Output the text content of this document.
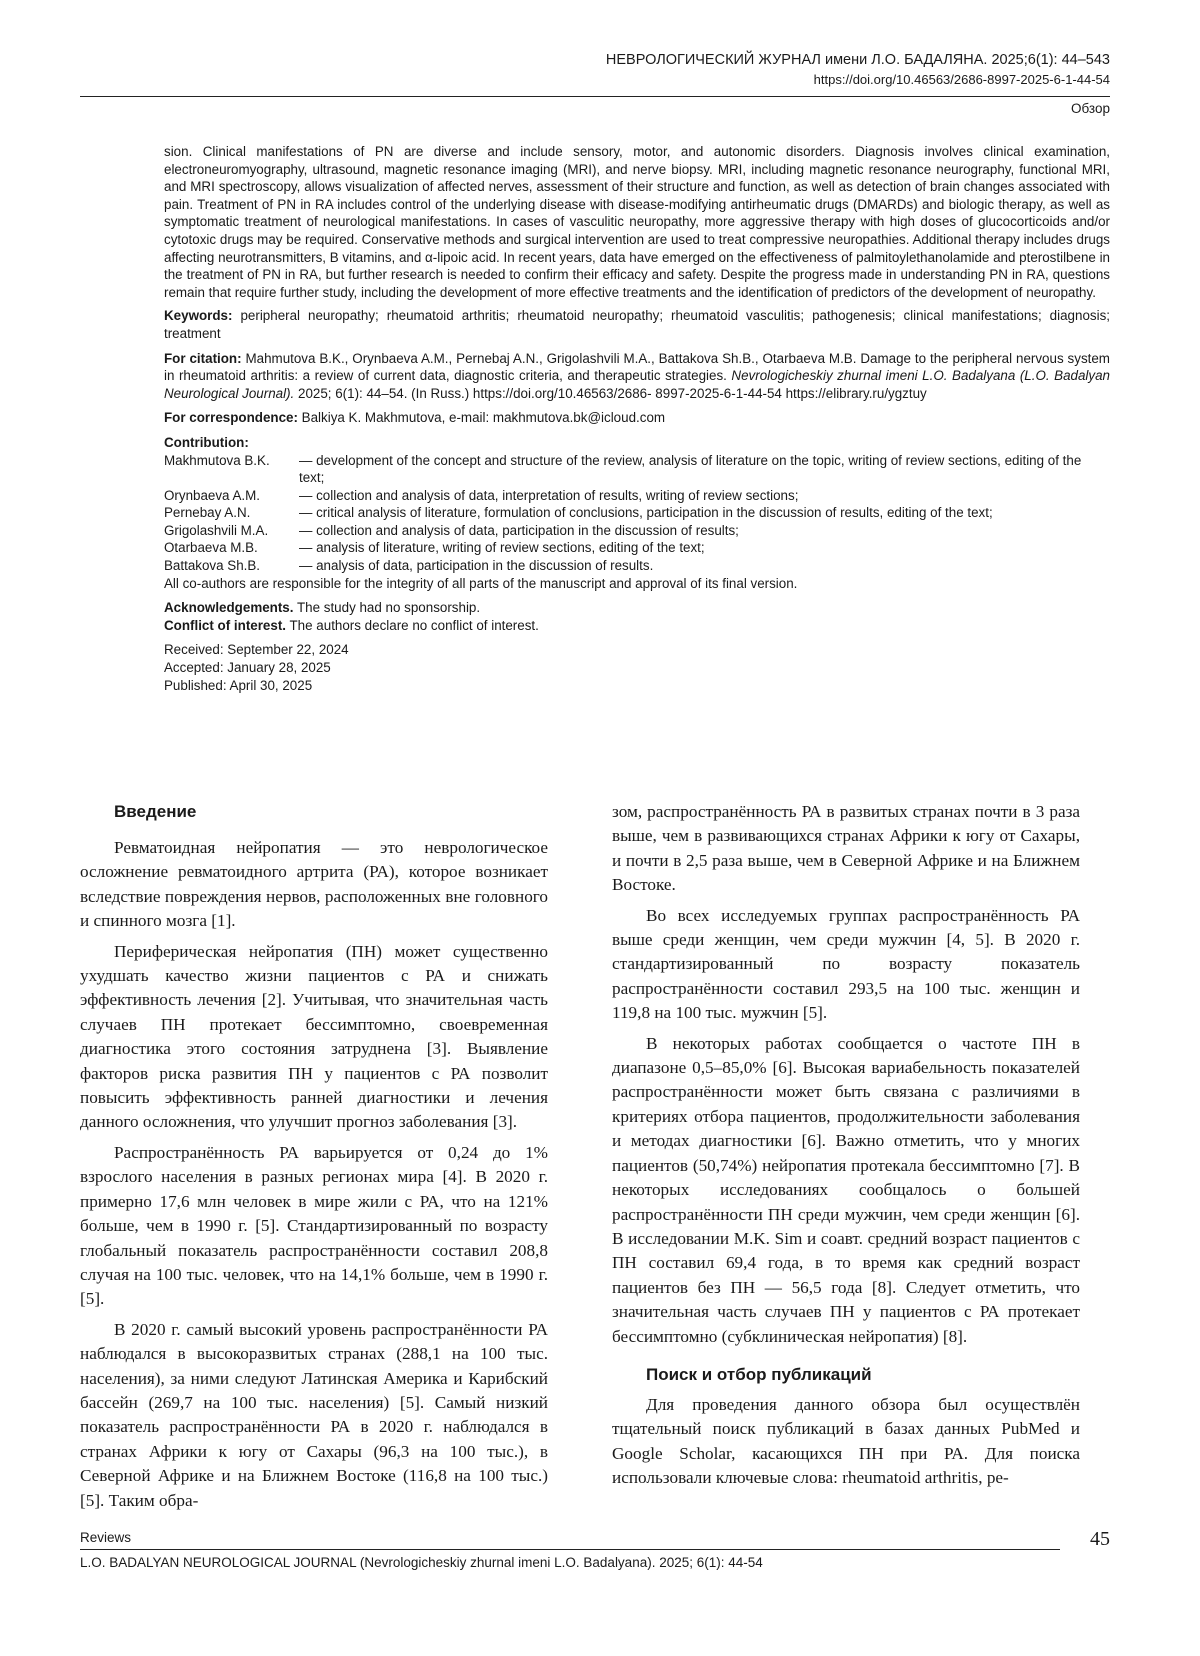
НЕВРОЛОГИЧЕСКИЙ ЖУРНАЛ имени Л.О. БАДАЛЯНА. 2025;6(1): 44–543
https://doi.org/10.46563/2686-8997-2025-6-1-44-54
Обзор

sion. Clinical manifestations of PN are diverse and include sensory, motor, and autonomic disorders. Diagnosis involves clinical examination, electroneuromyography, ultrasound, magnetic resonance imaging (MRI), and nerve biopsy. MRI, including magnetic resonance neurography, functional MRI, and MRI spectroscopy, allows visualization of affected nerves, assessment of their structure and function, as well as detection of brain changes associated with pain. Treatment of PN in RA includes control of the underlying disease with disease-modifying antirheumatic drugs (DMARDs) and biologic therapy, as well as symptomatic treatment of neurological manifestations. In cases of vasculitic neuropathy, more aggressive therapy with high doses of glucocorticoids and/or cytotoxic drugs may be required. Conservative methods and surgical intervention are used to treat compressive neuropathies. Additional therapy includes drugs affecting neurotransmitters, B vitamins, and α-lipoic acid. In recent years, data have emerged on the effectiveness of palmitoylethanolamide and pterostilbene in the treatment of PN in RA, but further research is needed to confirm their efficacy and safety. Despite the progress made in understanding PN in RA, questions remain that require further study, including the development of more effective treatments and the identification of predictors of the development of neuropathy.

Keywords: peripheral neuropathy; rheumatoid arthritis; rheumatoid neuropathy; rheumatoid vasculitis; pathogenesis; clinical manifestations; diagnosis; treatment

For citation: Mahmutova B.K., Orynbaeva A.M., Pernebaj A.N., Grigolashvili M.A., Battakova Sh.B., Otarbaeva M.B. Damage to the peripheral nervous system in rheumatoid arthritis: a review of current data, diagnostic criteria, and therapeutic strategies. Nevrologicheskiy zhurnal imeni L.O. Badalyana (L.O. Badalyan Neurological Journal). 2025; 6(1): 44–54. (In Russ.) https://doi.org/10.46563/2686- 8997-2025-6-1-44-54 https://elibrary.ru/ygztuy

For correspondence: Balkiya K. Makhmutova, e-mail: makhmutova.bk@icloud.com

Contribution:

Makhmutova B.K.	— development of the concept and structure of the review, analysis of literature on the topic, writing of review sections, editing of the text;
Orynbaeva A.M.	— collection and analysis of data, interpretation of results, writing of review sections;
Pernebay A.N.	— critical analysis of literature, formulation of conclusions, participation in the discussion of results, editing of the text;
Grigolashvili M.A.	— collection and analysis of data, participation in the discussion of results;
Otarbaeva M.B.	— analysis of literature, writing of review sections, editing of the text;
Battakova Sh.B.	— analysis of data, participation in the discussion of results.

All co-authors are responsible for the integrity of all parts of the manuscript and approval of its final version.

Acknowledgements. The study had no sponsorship.

Conflict of interest. The authors declare no conflict of interest.

Received: September 22, 2024

Accepted: January 28, 2025

Published: April 30, 2025

Введение

Ревматоидная нейропатия — это неврологическое осложнение ревматоидного артрита (РА), которое возникает вследствие повреждения нервов, расположенных вне головного и спинного мозга [1].

Периферическая нейропатия (ПН) может существенно ухудшать качество жизни пациентов с РА и снижать эффективность лечения [2]. Учитывая, что значительная часть случаев ПН протекает бессимптомно, своевременная диагностика этого состояния затруднена [3]. Выявление факторов риска развития ПН у пациентов с РА позволит повысить эффективность ранней диагностики и лечения данного осложнения, что улучшит прогноз заболевания [3].

Распространённость РА варьируется от 0,24 до 1% взрослого населения в разных регионах мира [4]. В 2020 г. примерно 17,6 млн человек в мире жили с РА, что на 121% больше, чем в 1990 г. [5]. Стандартизированный по возрасту глобальный показатель распространённости составил 208,8 случая на 100 тыс. человек, что на 14,1% больше, чем в 1990 г. [5].

В 2020 г. самый высокий уровень распространённости РА наблюдался в высокоразвитых странах (288,1 на 100 тыс. населения), за ними следуют Латинская Америка и Карибский бассейн (269,7 на 100 тыс. населения) [5]. Самый низкий показатель распространённости РА в 2020 г. наблюдался в странах Африки к югу от Сахары (96,3 на 100 тыс.), в Северной Африке и на Ближнем Востоке (116,8 на 100 тыс.) [5]. Таким обра-

зом, распространённость РА в развитых странах почти в 3 раза выше, чем в развивающихся странах Африки к югу от Сахары, и почти в 2,5 раза выше, чем в Северной Африке и на Ближнем Востоке.

Во всех исследуемых группах распространённость РА выше среди женщин, чем среди мужчин [4, 5]. В 2020 г. стандартизированный по возрасту показатель распространённости составил 293,5 на 100 тыс. женщин и 119,8 на 100 тыс. мужчин [5].

В некоторых работах сообщается о частоте ПН в диапазоне 0,5–85,0% [6]. Высокая вариабельность показателей распространённости может быть связана с различиями в критериях отбора пациентов, продолжительности заболевания и методах диагностики [6]. Важно отметить, что у многих пациентов (50,74%) нейропатия протекала бессимптомно [7]. В некоторых исследованиях сообщалось о большей распространённости ПН среди мужчин, чем среди женщин [6]. В исследовании M.K. Sim и соавт. средний возраст пациентов с ПН составил 69,4 года, в то время как средний возраст пациентов без ПН — 56,5 года [8]. Следует отметить, что значительная часть случаев ПН у пациентов с РА протекает бессимптомно (субклиническая нейропатия) [8].

Поиск и отбор публикаций

Для проведения данного обзора был осуществлён тщательный поиск публикаций в базах данных PubMed и Google Scholar, касающихся ПН при РА. Для поиска использовали ключевые слова: rheumatoid arthritis, ре-

Reviews	45
L.O. BADALYAN NEUROLOGICAL JOURNAL (Nevrologicheskiy zhurnal imeni L.O. Badalyana). 2025; 6(1): 44-54
